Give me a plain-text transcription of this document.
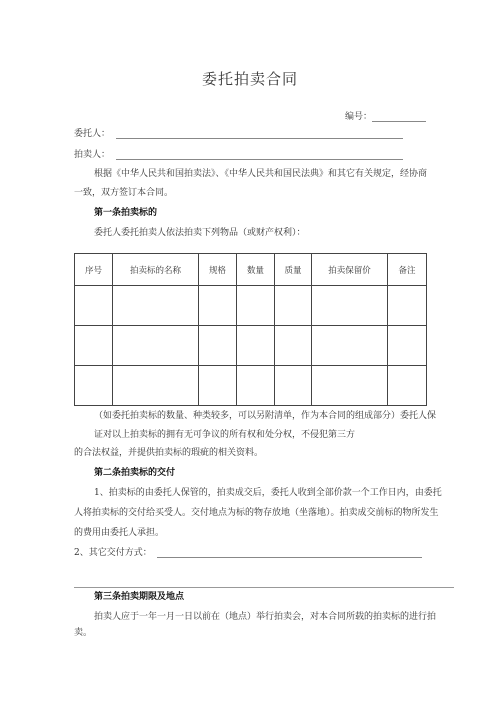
委托拍卖合同
编号：
委托人：
拍卖人：
根据《中华人民共和国拍卖法》、《中华人民共和国民法典》和其它有关规定，经协商
一致，双方签订本合同。
第一条拍卖标的
委托人委托拍卖人依法拍卖下列物品（或财产权利）：
序号	拍卖标的名称	规格	数量	质量	拍卖保留价	备注

（如委托拍卖标的数量、种类较多，可以另附清单，作为本合同的组成部分）委托人保
证对以上拍卖标的拥有无可争议的所有权和处分权，不侵犯第三方
的合法权益，并提供拍卖标的瑕疵的相关资料。
第二条拍卖标的交付
1、拍卖标的由委托人保管的，拍卖成交后，委托人收到全部价款一个工作日内，由委托
人将拍卖标的交付给买受人。交付地点为标的物存放地（坐落地）。拍卖成交前标的物所发生
的费用由委托人承担。
2、其它交付方式：
第三条拍卖期限及地点
拍卖人应于一年一月一日以前在（地点）举行拍卖会，对本合同所载的拍卖标的进行拍
卖。
